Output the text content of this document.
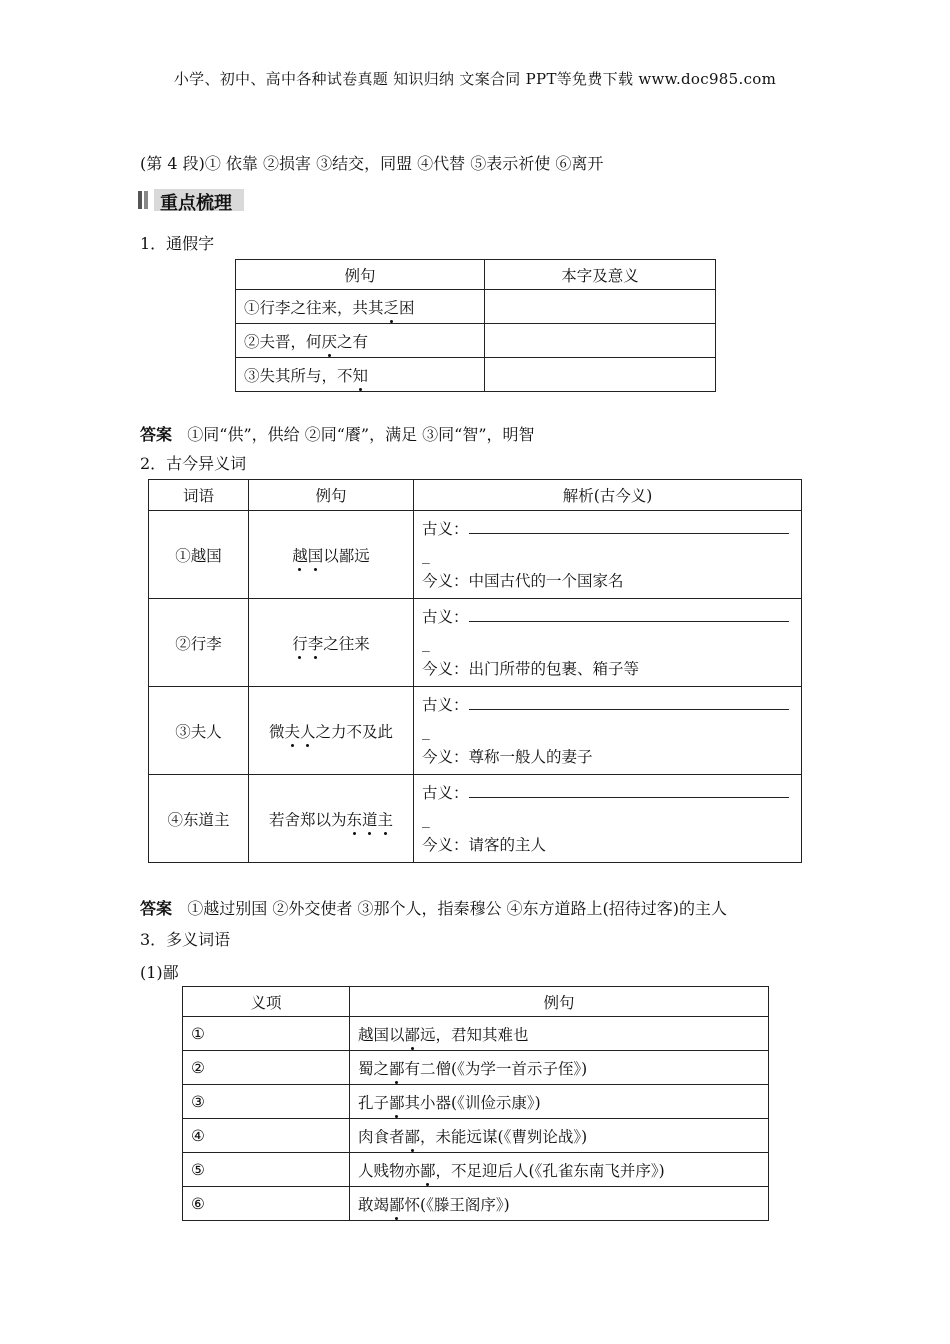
小学、初中、高中各种试卷真题 知识归纳 文案合同 PPT等免费下载 www.doc985.com
(第 4 段)① 依靠 ②损害 ③结交，同盟 ④代替 ⑤表示祈使 ⑥离开
重点梳理
1．通假字
例句	本字及意义
①行李之往来，共其乏困	
②夫晋，何厌之有	
③失其所与，不知	
答案 ①同“供”，供给 ②同“餍”，满足 ③同“智”，明智
2．古今异义词
词语	例句	解析(古今义)
①越国	越国以鄙远	古义：
_
今义：中国古代的一个国家名
②行李	行李之往来	古义：
_
今义：出门所带的包裹、箱子等
③夫人	微夫人之力不及此	古义：
_
今义：尊称一般人的妻子
④东道主	若舍郑以为东道主	古义：
_
今义：请客的主人
答案 ①越过别国 ②外交使者 ③那个人，指秦穆公 ④东方道路上(招待过客)的主人
3．多义词语
(1)鄙
义项	例句
①	越国以鄙远，君知其难也
②	蜀之鄙有二僧(《为学一首示子侄》)
③	孔子鄙其小器(《训俭示康》)
④	肉食者鄙，未能远谋(《曹刿论战》)
⑤	人贱物亦鄙，不足迎后人(《孔雀东南飞并序》)
⑥	敢竭鄙怀(《滕王阁序》)
